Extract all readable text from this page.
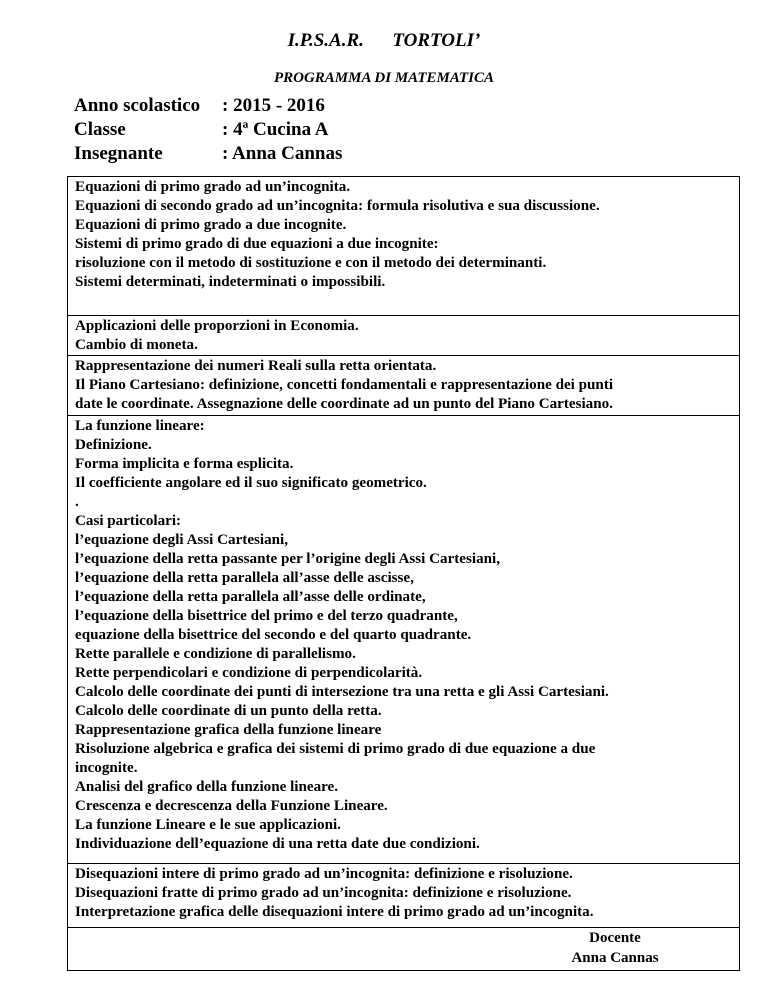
I.P.S.A.R.      TORTOLI’
PROGRAMMA DI MATEMATICA
Anno scolastico : 2015 - 2016
Classe	: 4ª Cucina A
Insegnante	: Anna Cannas
Equazioni di primo grado ad un’incognita.
Equazioni di secondo grado ad un’incognita: formula risolutiva e sua discussione.
Equazioni di primo grado a due incognite.
Sistemi di primo grado di due equazioni a due incognite:
risoluzione con il metodo di sostituzione e con il metodo dei determinanti.
Sistemi determinati, indeterminati o impossibili.
Applicazioni delle proporzioni in Economia.
Cambio di moneta.
Rappresentazione dei numeri Reali sulla retta orientata.
Il Piano Cartesiano: definizione, concetti fondamentali e rappresentazione dei punti
date le coordinate. Assegnazione delle coordinate ad un punto del Piano Cartesiano.
La funzione lineare:
Definizione.
Forma implicita e forma esplicita.
Il coefficiente angolare ed il suo significato geometrico.
.
Casi particolari:
l’equazione degli Assi Cartesiani,
l’equazione della retta passante per l’origine degli Assi Cartesiani,
l’equazione della retta parallela all’asse delle ascisse,
l’equazione della retta parallela all’asse delle ordinate,
l’equazione della bisettrice del primo e del terzo quadrante,
equazione della bisettrice del secondo e del quarto quadrante.
Rette parallele e condizione di parallelismo.
Rette perpendicolari e condizione di perpendicolarità.
Calcolo delle coordinate dei punti di intersezione tra una retta e gli Assi Cartesiani.
Calcolo delle coordinate di un punto della retta.
Rappresentazione grafica della funzione lineare
Risoluzione algebrica e grafica dei sistemi di primo grado di due equazione a due
incognite.
Analisi del grafico della funzione lineare.
Crescenza e decrescenza della Funzione Lineare.
La funzione Lineare e le sue applicazioni.
Individuazione dell’equazione di una retta date due condizioni.
Disequazioni intere di primo grado ad un’incognita: definizione e risoluzione.
Disequazioni fratte di primo grado ad un’incognita: definizione e risoluzione.
Interpretazione grafica delle disequazioni intere di primo grado ad un’incognita.
Docente
Anna Cannas
